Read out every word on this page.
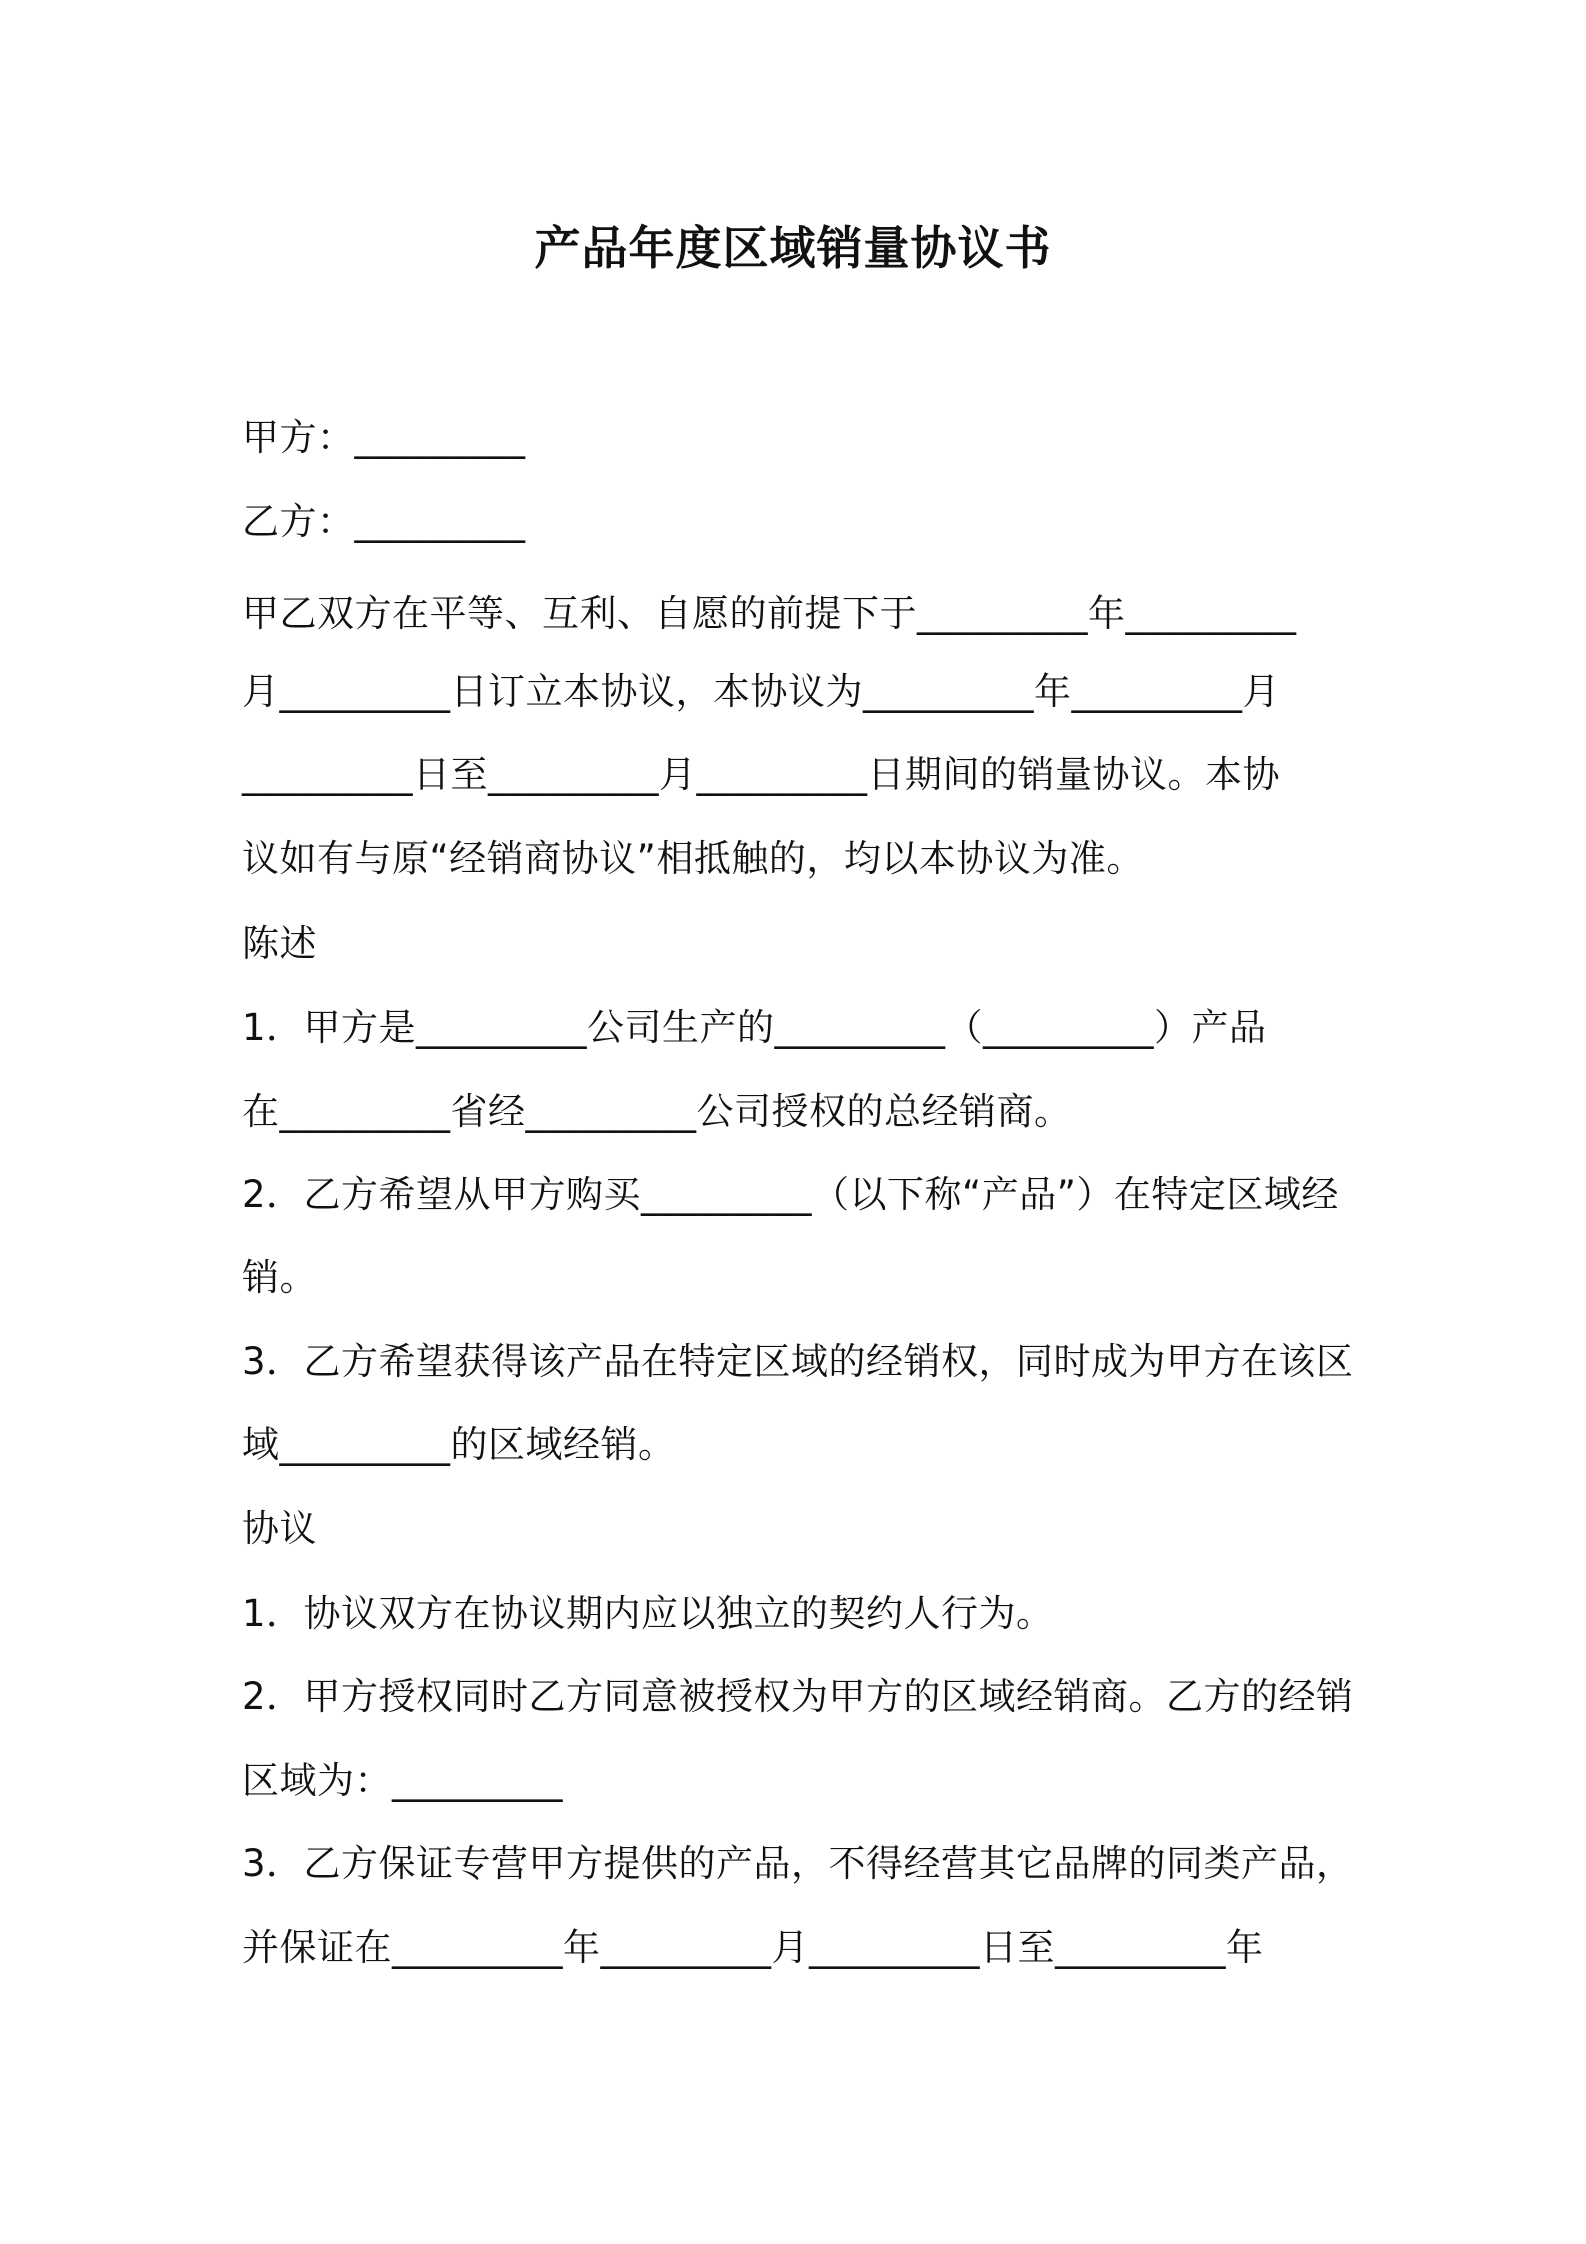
产品年度区域销量协议书
甲方：_________
乙方：_________
甲乙双方在平等、互利、自愿的前提下于_________年_________
月_________日订立本协议，本协议为_________年_________月
_________日至_________月_________日期间的销量协议。本协
议如有与原“经销商协议”相抵触的，均以本协议为准。
陈述
1．甲方是_________公司生产的_________（_________）产品
在_________省经_________公司授权的总经销商。
2．乙方希望从甲方购买_________（以下称“产品”）在特定区域经
销。
3．乙方希望获得该产品在特定区域的经销权，同时成为甲方在该区
域_________的区域经销。
协议
1．协议双方在协议期内应以独立的契约人行为。
2．甲方授权同时乙方同意被授权为甲方的区域经销商。乙方的经销
区域为：_________
3．乙方保证专营甲方提供的产品，不得经营其它品牌的同类产品，
并保证在_________年_________月_________日至_________年
